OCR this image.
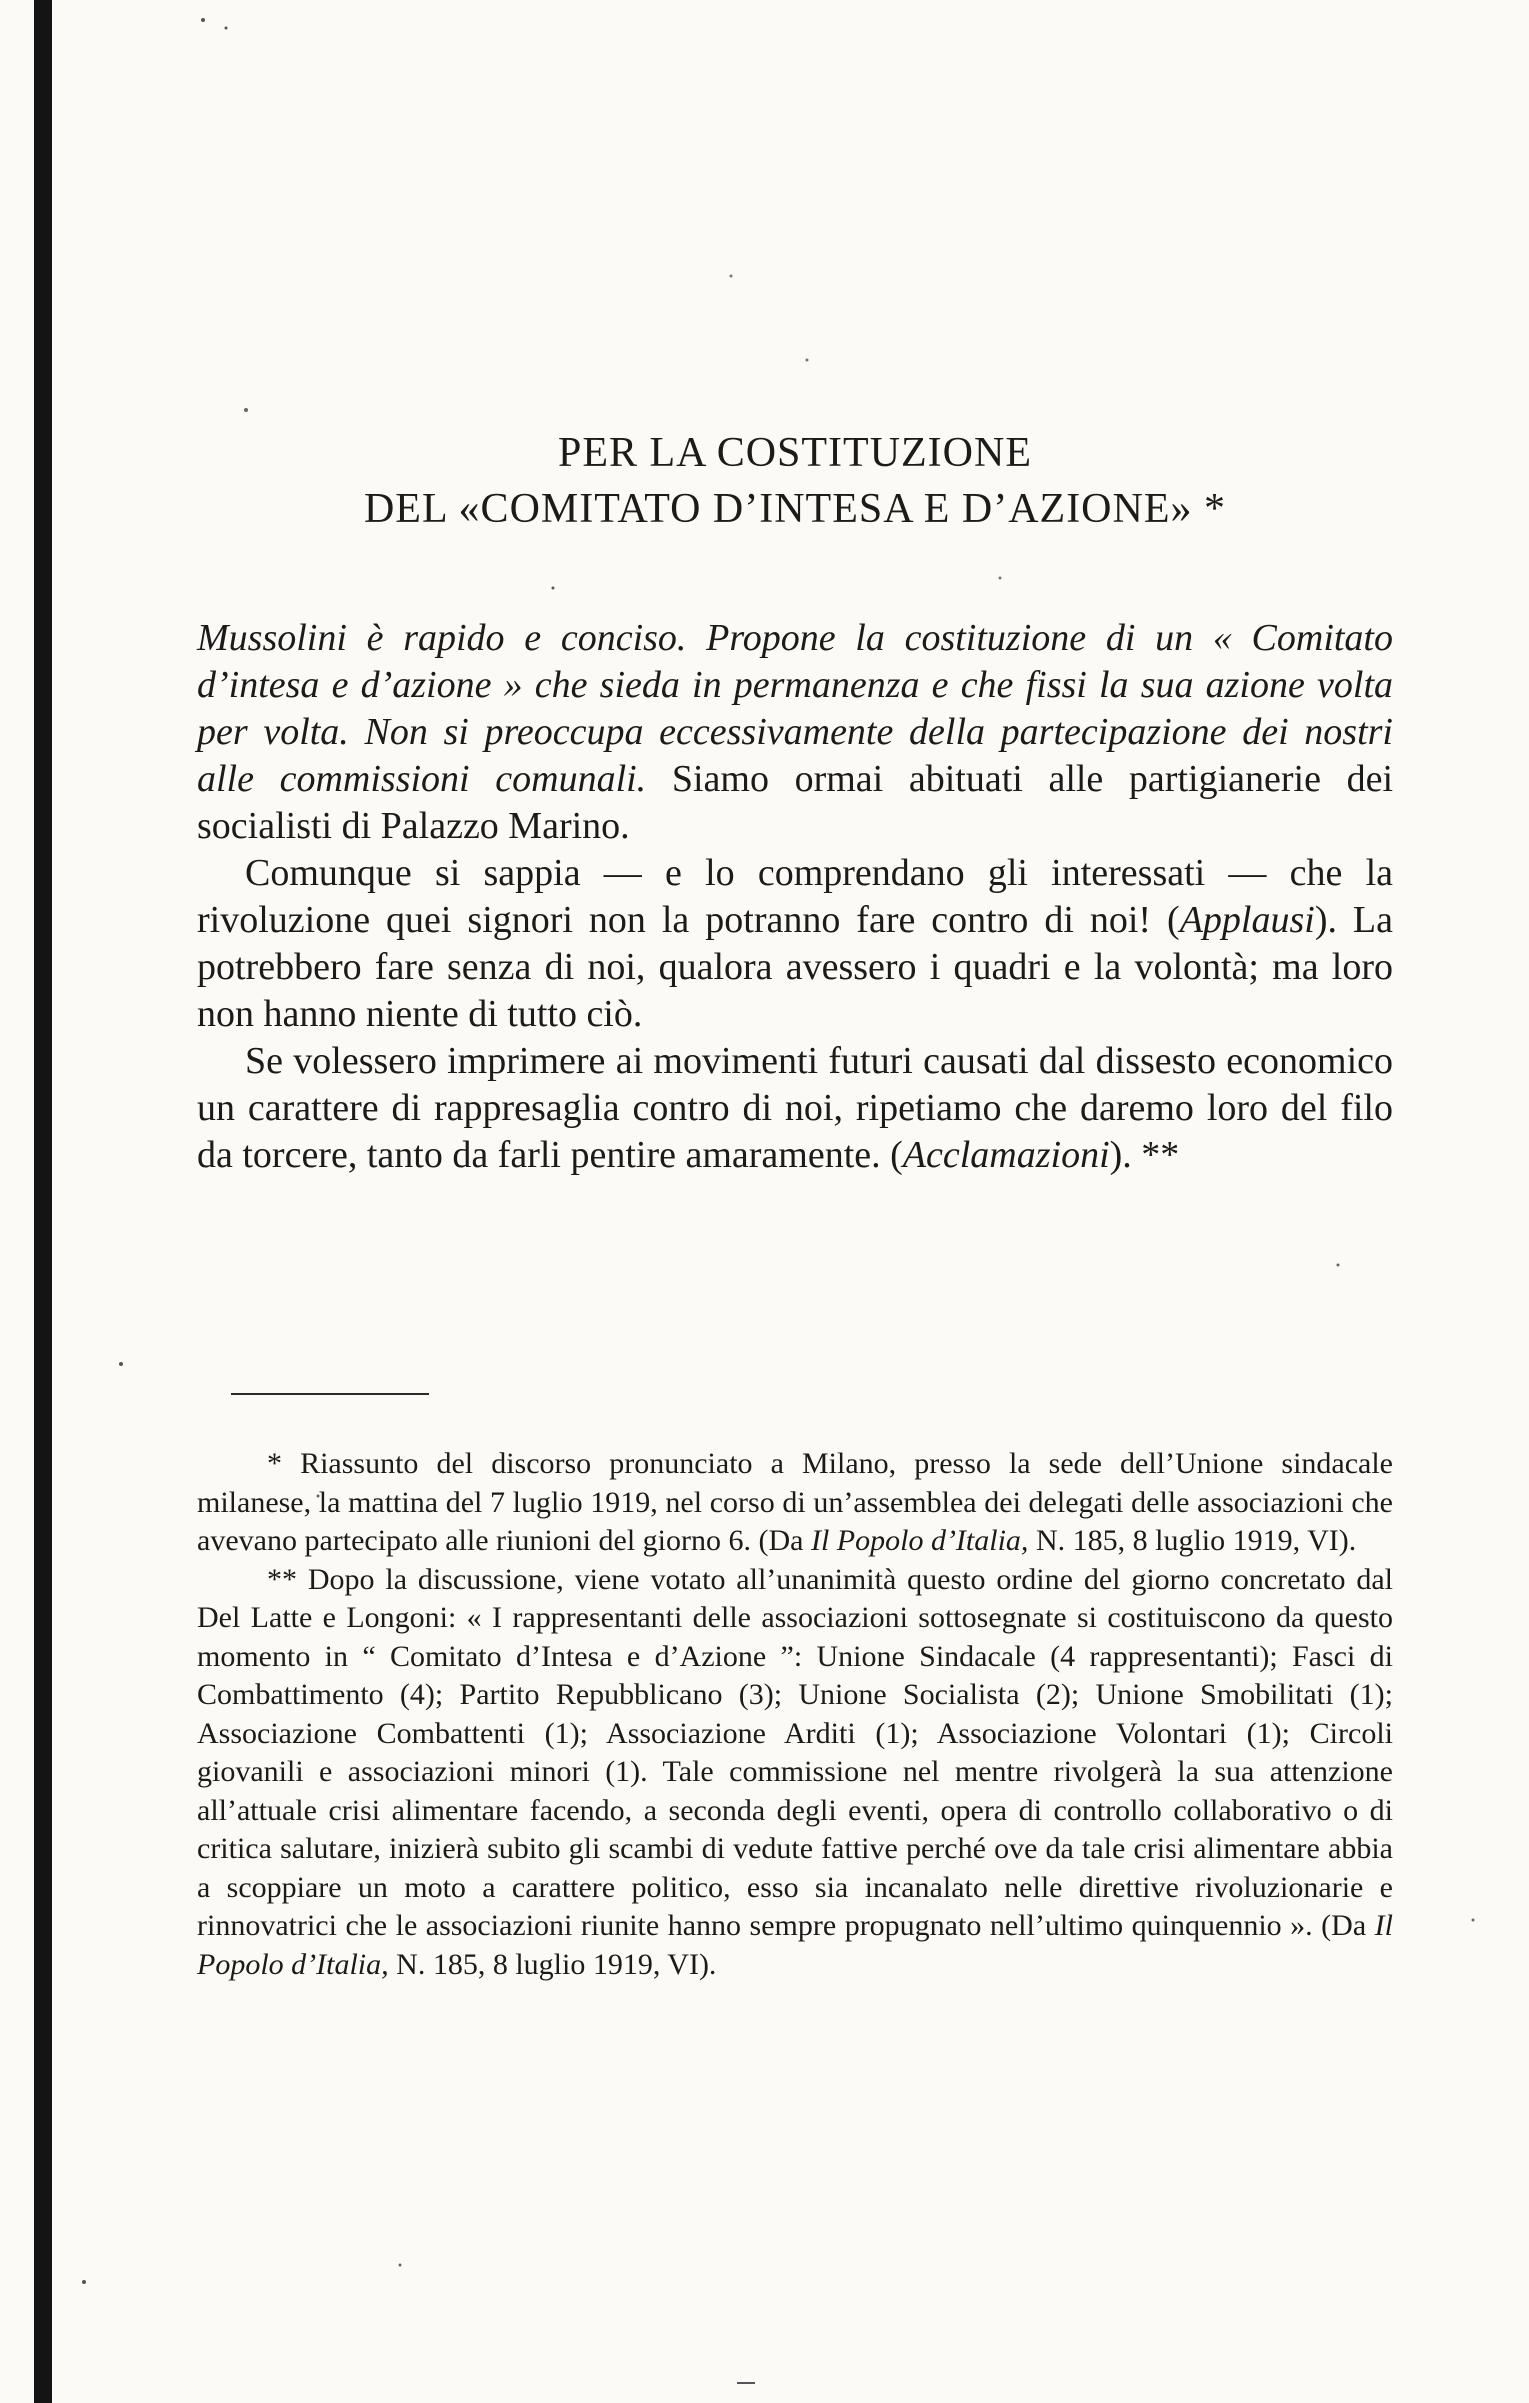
PER LA COSTITUZIONE
DEL «COMITATO D’INTESA E D’AZIONE» *

Mussolini è rapido e conciso. Propone la costituzione di un « Comitato d’intesa e d’azione » che sieda in permanenza e che fissi la sua azione volta per volta. Non si preoccupa eccessivamente della partecipazione dei nostri alle commissioni comunali. Siamo ormai abituati alle partigianerie dei socialisti di Palazzo Marino.

Comunque si sappia — e lo comprendano gli interessati — che la rivoluzione quei signori non la potranno fare contro di noi! (Applausi). La potrebbero fare senza di noi, qualora avessero i quadri e la volontà; ma loro non hanno niente di tutto ciò.

Se volessero imprimere ai movimenti futuri causati dal dissesto economico un carattere di rappresaglia contro di noi, ripetiamo che daremo loro del filo da torcere, tanto da farli pentire amaramente. (Acclamazioni). **

* Riassunto del discorso pronunciato a Milano, presso la sede dell’Unione sindacale milanese, la mattina del 7 luglio 1919, nel corso di un’assemblea dei delegati delle associazioni che avevano partecipato alle riunioni del giorno 6. (Da Il Popolo d’Italia, N. 185, 8 luglio 1919, VI).

** Dopo la discussione, viene votato all’unanimità questo ordine del giorno concretato dal Del Latte e Longoni: « I rappresentanti delle associazioni sottosegnate si costituiscono da questo momento in “ Comitato d’Intesa e d’Azione ”: Unione Sindacale (4 rappresentanti); Fasci di Combattimento (4); Partito Repubblicano (3); Unione Socialista (2); Unione Smobilitati (1); Associazione Combattenti (1); Associazione Arditi (1); Associazione Volontari (1); Circoli giovanili e associazioni minori (1). Tale commissione nel mentre rivolgerà la sua attenzione all’attuale crisi alimentare facendo, a seconda degli eventi, opera di controllo collaborativo o di critica salutare, inizierà subito gli scambi di vedute fattive perché ove da tale crisi alimentare abbia a scoppiare un moto a carattere politico, esso sia incanalato nelle direttive rivoluzionarie e rinnovatrici che le associazioni riunite hanno sempre propugnato nell’ultimo quinquennio ». (Da Il Popolo d’Italia, N. 185, 8 luglio 1919, VI).
